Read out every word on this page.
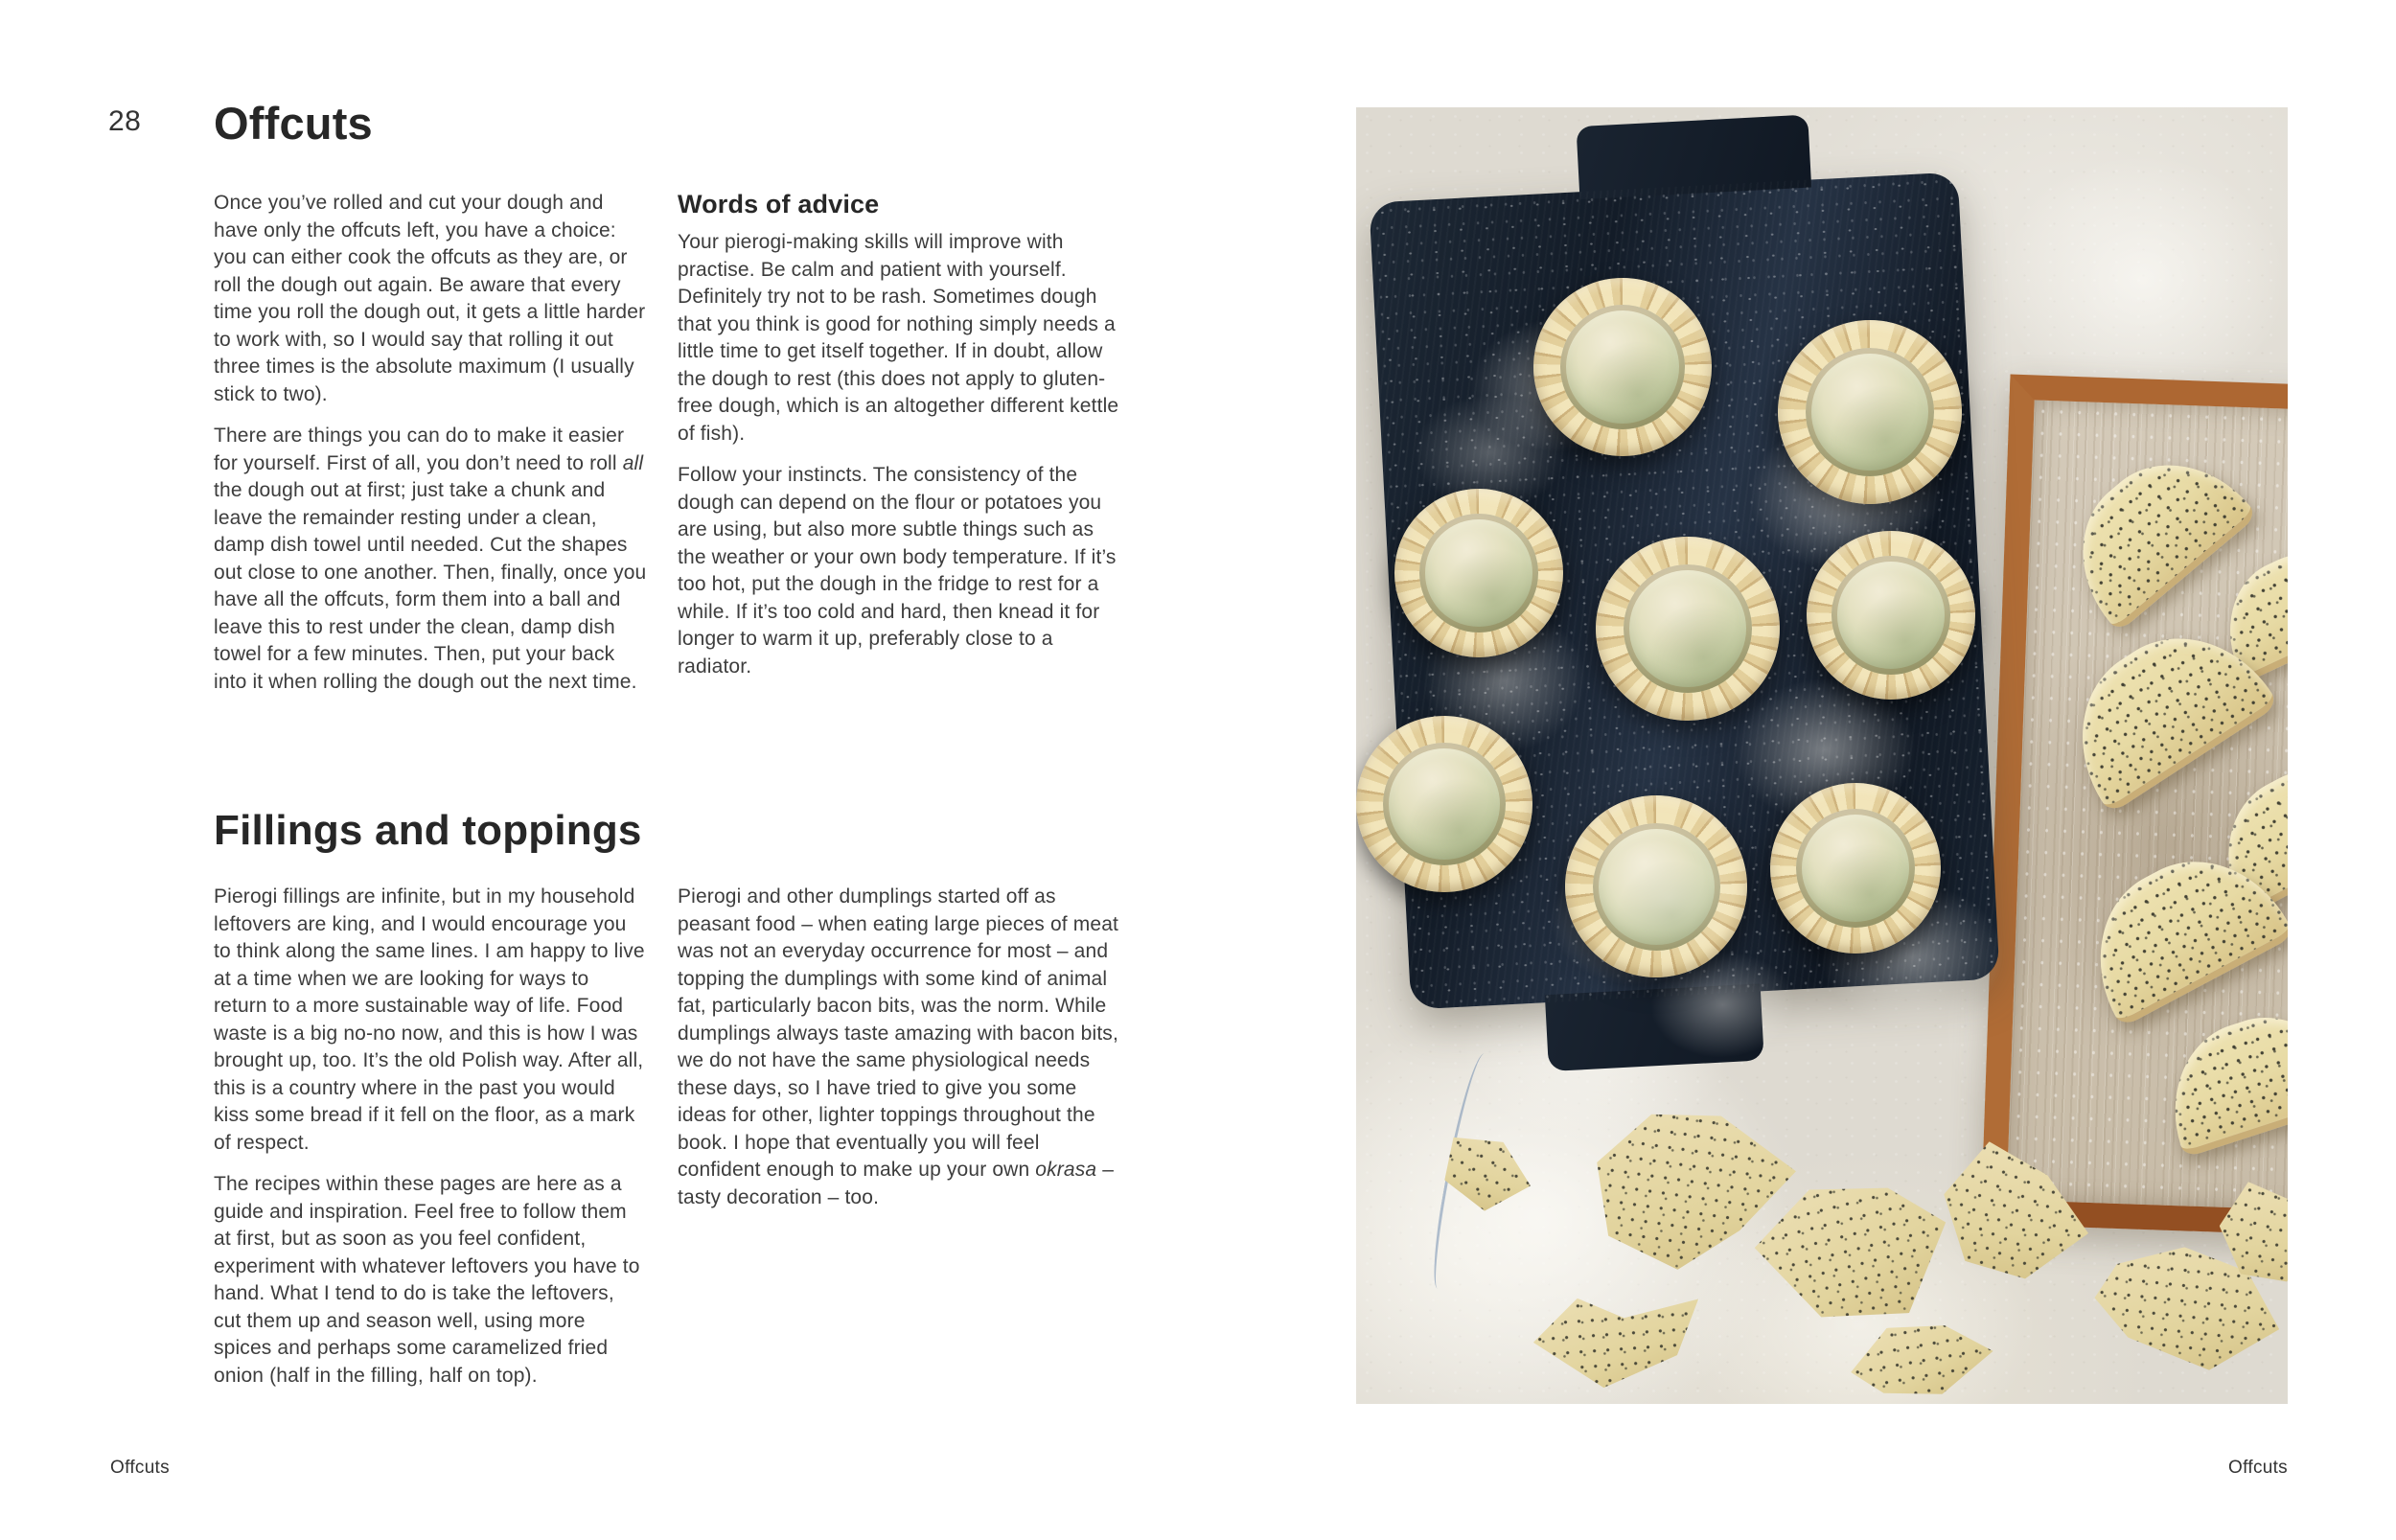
28 Offcuts

Once you’ve rolled and cut your dough and have only the offcuts left, you have a choice: you can either cook the offcuts as they are, or roll the dough out again. Be aware that every time you roll the dough out, it gets a little harder to work with, so I would say that rolling it out three times is the absolute maximum (I usually stick to two).

There are things you can do to make it easier for yourself. First of all, you don’t need to roll all the dough out at first; just take a chunk and leave the remainder resting under a clean, damp dish towel until needed. Cut the shapes out close to one another. Then, finally, once you have all the offcuts, form them into a ball and leave this to rest under the clean, damp dish towel for a few minutes. Then, put your back into it when rolling the dough out the next time.

Words of advice

Your pierogi-making skills will improve with practise. Be calm and patient with yourself. Definitely try not to be rash. Sometimes dough that you think is good for nothing simply needs a little time to get itself together. If in doubt, allow the dough to rest (this does not apply to gluten-free dough, which is an altogether different kettle of fish).

Follow your instincts. The consistency of the dough can depend on the flour or potatoes you are using, but also more subtle things such as the weather or your own body temperature. If it’s too hot, put the dough in the fridge to rest for a while. If it’s too cold and hard, then knead it for longer to warm it up, preferably close to a radiator.

Fillings and toppings

Pierogi fillings are infinite, but in my household leftovers are king, and I would encourage you to think along the same lines. I am happy to live at a time when we are looking for ways to return to a more sustainable way of life. Food waste is a big no-no now, and this is how I was brought up, too. It’s the old Polish way. After all, this is a country where in the past you would kiss some bread if it fell on the floor, as a mark of respect.

The recipes within these pages are here as a guide and inspiration. Feel free to follow them at first, but as soon as you feel confident, experiment with whatever leftovers you have to hand. What I tend to do is take the leftovers, cut them up and season well, using more spices and perhaps some caramelized fried onion (half in the filling, half on top).

Pierogi and other dumplings started off as peasant food – when eating large pieces of meat was not an everyday occurrence for most – and topping the dumplings with some kind of animal fat, particularly bacon bits, was the norm. While dumplings always taste amazing with bacon bits, we do not have the same physiological needs these days, so I have tried to give you some ideas for other, lighter toppings throughout the book. I hope that eventually you will feel confident enough to make up your own okrasa – tasty decoration – too.

Offcuts	Offcuts
